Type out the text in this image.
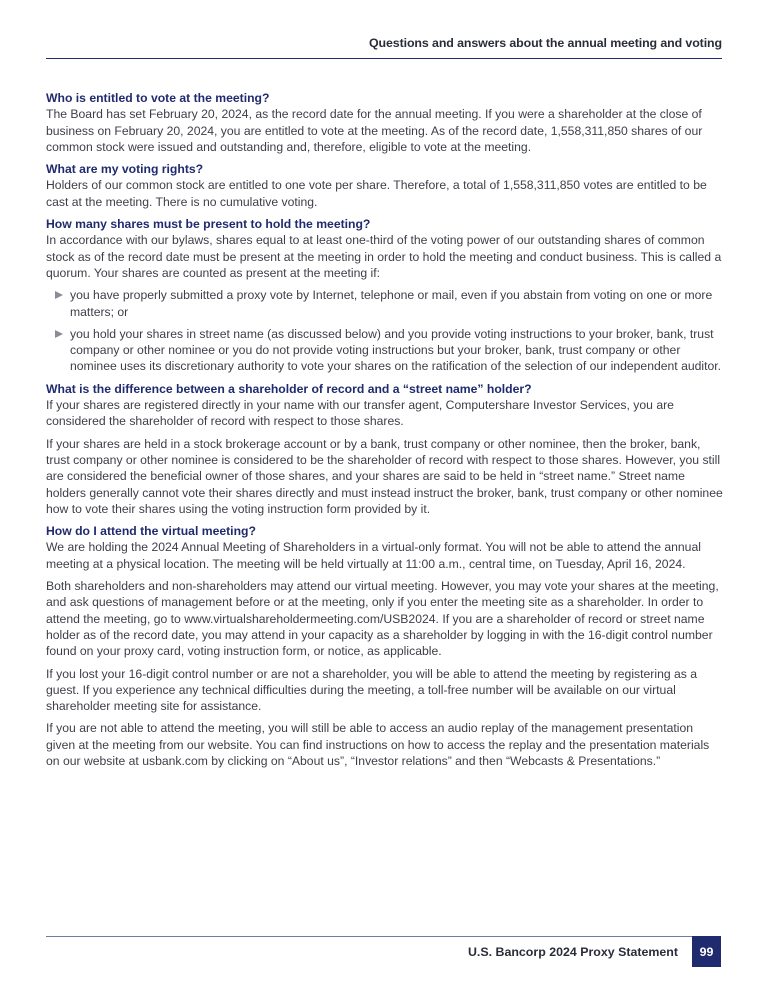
Questions and answers about the annual meeting and voting

Who is entitled to vote at the meeting?

The Board has set February 20, 2024, as the record date for the annual meeting. If you were a shareholder at the close of business on February 20, 2024, you are entitled to vote at the meeting. As of the record date, 1,558,311,850 shares of our common stock were issued and outstanding and, therefore, eligible to vote at the meeting.

What are my voting rights?

Holders of our common stock are entitled to one vote per share. Therefore, a total of 1,558,311,850 votes are entitled to be cast at the meeting. There is no cumulative voting.

How many shares must be present to hold the meeting?

In accordance with our bylaws, shares equal to at least one-third of the voting power of our outstanding shares of common stock as of the record date must be present at the meeting in order to hold the meeting and conduct business. This is called a quorum. Your shares are counted as present at the meeting if:

you have properly submitted a proxy vote by Internet, telephone or mail, even if you abstain from voting on one or more matters; or
you hold your shares in street name (as discussed below) and you provide voting instructions to your broker, bank, trust company or other nominee or you do not provide voting instructions but your broker, bank, trust company or other nominee uses its discretionary authority to vote your shares on the ratification of the selection of our independent auditor.

What is the difference between a shareholder of record and a “street name” holder?

If your shares are registered directly in your name with our transfer agent, Computershare Investor Services, you are considered the shareholder of record with respect to those shares.

If your shares are held in a stock brokerage account or by a bank, trust company or other nominee, then the broker, bank, trust company or other nominee is considered to be the shareholder of record with respect to those shares. However, you still are considered the beneficial owner of those shares, and your shares are said to be held in “street name.” Street name holders generally cannot vote their shares directly and must instead instruct the broker, bank, trust company or other nominee how to vote their shares using the voting instruction form provided by it.

How do I attend the virtual meeting?

We are holding the 2024 Annual Meeting of Shareholders in a virtual-only format. You will not be able to attend the annual meeting at a physical location. The meeting will be held virtually at 11:00 a.m., central time, on Tuesday, April 16, 2024.

Both shareholders and non-shareholders may attend our virtual meeting. However, you may vote your shares at the meeting, and ask questions of management before or at the meeting, only if you enter the meeting site as a shareholder. In order to attend the meeting, go to www.virtualshareholdermeeting.com/USB2024. If you are a shareholder of record or street name holder as of the record date, you may attend in your capacity as a shareholder by logging in with the 16-digit control number found on your proxy card, voting instruction form, or notice, as applicable.

If you lost your 16-digit control number or are not a shareholder, you will be able to attend the meeting by registering as a guest. If you experience any technical difficulties during the meeting, a toll-free number will be available on our virtual shareholder meeting site for assistance.

If you are not able to attend the meeting, you will still be able to access an audio replay of the management presentation given at the meeting from our website. You can find instructions on how to access the replay and the presentation materials on our website at usbank.com by clicking on “About us”, “Investor relations” and then “Webcasts & Presentations.”

U.S. Bancorp 2024 Proxy Statement	99
